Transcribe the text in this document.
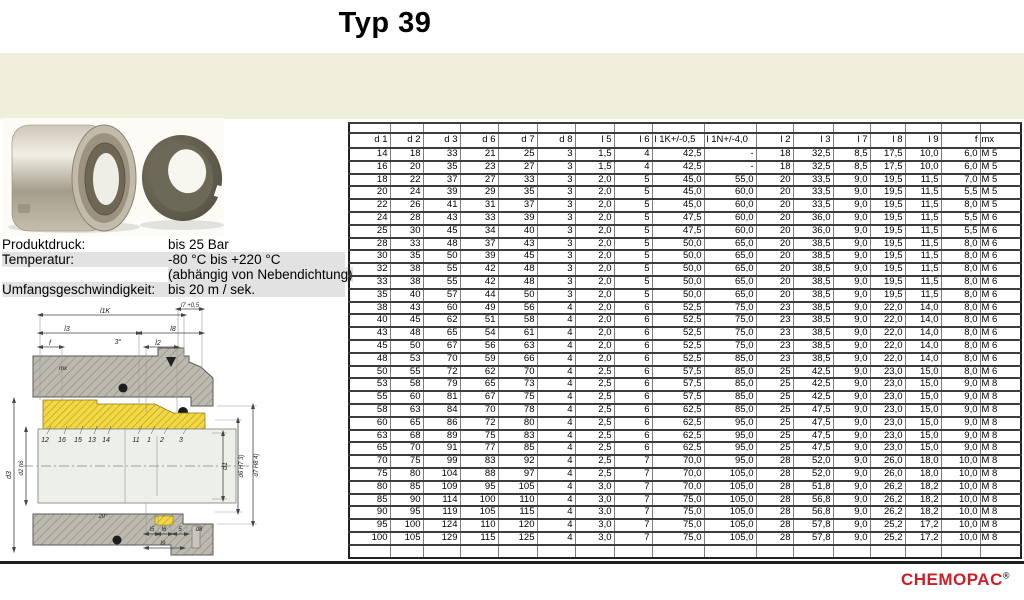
Typ 39
Produktdruck:	bis 25 Bar
Temperatur:	-80 °C bis +220 °C
(abhängig von Nebendichtung)
Umfangsgeschwindigkeit: bis 20 m / sek.
l7 +0,5
l1K
l3	l8
f	3°	l2
mx
20°
d1 d6 H7 3) d7 H8 4)
d3 d2 h6
l5 l6 5 d8
l9
12 16 15 13 14	11 1 2 3

d 1	d 2	d 3	d 6	d 7	d 8	l 5	l 6	l 1K+/-0,5	l 1N+/-4,0	l 2	l 3	l 7	l 8	l 9	f	mx
14	18	33	21	25	3	1,5	4	42,5	-	18	32,5	8,5	17,5	10,0	6,0	M 5
16	20	35	23	27	3	1,5	4	42,5	-	18	32,5	8,5	17,5	10,0	6,0	M 5
18	22	37	27	33	3	2,0	5	45,0	55,0	20	33,5	9,0	19,5	11,5	7,0	M 5
20	24	39	29	35	3	2,0	5	45,0	60,0	20	33,5	9,0	19,5	11,5	5,5	M 5
22	26	41	31	37	3	2,0	5	45,0	60,0	20	33,5	9,0	19,5	11,5	8,0	M 5
24	28	43	33	39	3	2,0	5	47,5	60,0	20	36,0	9,0	19,5	11,5	5,5	M 6
25	30	45	34	40	3	2,0	5	47,5	60,0	20	36,0	9,0	19,5	11,5	5,5	M 6
28	33	48	37	43	3	2,0	5	50,0	65,0	20	38,5	9,0	19,5	11,5	8,0	M 6
30	35	50	39	45	3	2,0	5	50,0	65,0	20	38,5	9,0	19,5	11,5	8,0	M 6
32	38	55	42	48	3	2,0	5	50,0	65,0	20	38,5	9,0	19,5	11,5	8,0	M 6
33	38	55	42	48	3	2,0	5	50,0	65,0	20	38,5	9,0	19,5	11,5	8,0	M 6
35	40	57	44	50	3	2,0	5	50,0	65,0	20	38,5	9,0	19,5	11,5	8,0	M 6
38	43	60	49	56	4	2,0	6	52,5	75,0	23	38,5	9,0	22,0	14,0	8,0	M 6
40	45	62	51	58	4	2,0	6	52,5	75,0	23	38,5	9,0	22,0	14,0	8,0	M 6
43	48	65	54	61	4	2,0	6	52,5	75,0	23	38,5	9,0	22,0	14,0	8,0	M 6
45	50	67	56	63	4	2,0	6	52,5	75,0	23	38,5	9,0	22,0	14,0	8,0	M 6
48	53	70	59	66	4	2,0	6	52,5	85,0	23	38,5	9,0	22,0	14,0	8,0	M 6
50	55	72	62	70	4	2,5	6	57,5	85,0	25	42,5	9,0	23,0	15,0	8,0	M 6
53	58	79	65	73	4	2,5	6	57,5	85,0	25	42,5	9,0	23,0	15,0	9,0	M 8
55	60	81	67	75	4	2,5	6	57,5	85,0	25	42,5	9,0	23,0	15,0	9,0	M 8
58	63	84	70	78	4	2,5	6	62,5	85,0	25	47,5	9,0	23,0	15,0	9,0	M 8
60	65	86	72	80	4	2,5	6	62,5	95,0	25	47,5	9,0	23,0	15,0	9,0	M 8
63	68	89	75	83	4	2,5	6	62,5	95,0	25	47,5	9,0	23,0	15,0	9,0	M 8
65	70	91	77	85	4	2,5	6	62,5	95,0	25	47,5	9,0	23,0	15,0	9,0	M 8
70	75	99	83	92	4	2,5	7	70,0	95,0	28	52,0	9,0	26,0	18,0	10,0	M 8
75	80	104	88	97	4	2,5	7	70,0	105,0	28	52,0	9,0	26,0	18,0	10,0	M 8
80	85	109	95	105	4	3,0	7	70,0	105,0	28	51,8	9,0	26,2	18,2	10,0	M 8
85	90	114	100	110	4	3,0	7	75,0	105,0	28	56,8	9,0	26,2	18,2	10,0	M 8
90	95	119	105	115	4	3,0	7	75,0	105,0	28	56,8	9,0	26,2	18,2	10,0	M 8
95	100	124	110	120	4	3,0	7	75,0	105,0	28	57,8	9,0	25,2	17,2	10,0	M 8
100	105	129	115	125	4	3,0	7	75,0	105,0	28	57,8	9,0	25,2	17,2	10,0	M 8

CHEMOPAC®
